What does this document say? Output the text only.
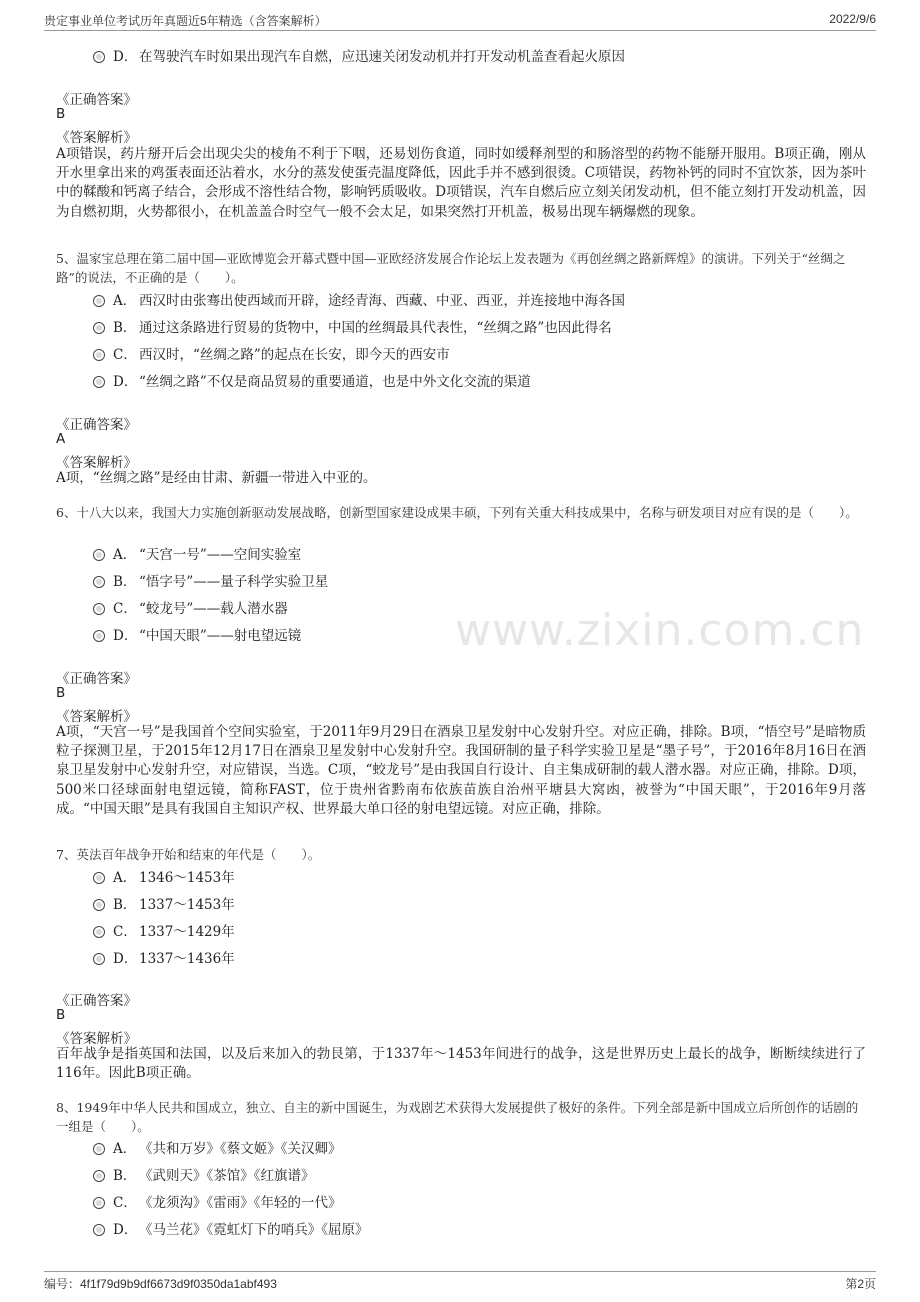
贵定事业单位考试历年真题近5年精选（含答案解析）	2022/9/6
www.zixin.com.cn
D． 在驾驶汽车时如果出现汽车自燃，应迅速关闭发动机并打开发动机盖查看起火原因
《正确答案》
B
《答案解析》
A项错误，药片掰开后会出现尖尖的棱角不利于下咽，还易划伤食道，同时如缓释剂型的和肠溶型的药物不能掰开服用。B项正确，刚从开水里拿出来的鸡蛋表面还沾着水，水分的蒸发使蛋壳温度降低，因此手并不感到很烫。C项错误，药物补钙的同时不宜饮茶，因为茶叶中的鞣酸和钙离子结合，会形成不溶性结合物，影响钙质吸收。D项错误，汽车自燃后应立刻关闭发动机，但不能立刻打开发动机盖，因为自燃初期，火势都很小，在机盖盖合时空气一般不会太足，如果突然打开机盖，极易出现车辆爆燃的现象。
5、温家宝总理在第二届中国—亚欧博览会开幕式暨中国—亚欧经济发展合作论坛上发表题为《再创丝绸之路新辉煌》的演讲。下列关于“丝绸之路”的说法，不正确的是（　　）。
A． 西汉时由张骞出使西域而开辟，途经青海、西藏、中亚、西亚，并连接地中海各国
B． 通过这条路进行贸易的货物中，中国的丝绸最具代表性，“丝绸之路”也因此得名
C． 西汉时，“丝绸之路”的起点在长安，即今天的西安市
D． “丝绸之路”不仅是商品贸易的重要通道，也是中外文化交流的渠道
《正确答案》
A
《答案解析》
A项，“丝绸之路”是经由甘肃、新疆一带进入中亚的。
6、十八大以来，我国大力实施创新驱动发展战略，创新型国家建设成果丰硕，下列有关重大科技成果中，名称与研发项目对应有误的是（　　）。
A． “天宫一号”——空间实验室
B． “悟字号”——量子科学实验卫星
C． “蛟龙号”——载人潜水器
D． “中国天眼”——射电望远镜
《正确答案》
B
《答案解析》
A项，“天宫一号”是我国首个空间实验室，于2011年9月29日在酒泉卫星发射中心发射升空。对应正确，排除。B项，“悟空号”是暗物质粒子探测卫星，于2015年12月17日在酒泉卫星发射中心发射升空。我国研制的量子科学实验卫星是“墨子号”，于2016年8月16日在酒泉卫星发射中心发射升空，对应错误，当选。C项，“蛟龙号”是由我国自行设计、自主集成研制的载人潜水器。对应正确，排除。D项，500米口径球面射电望远镜，简称FAST，位于贵州省黔南布依族苗族自治州平塘县大窝凼，被誉为“中国天眼”，于2016年9月落成。“中国天眼”是具有我国自主知识产权、世界最大单口径的射电望远镜。对应正确，排除。
7、英法百年战争开始和结束的年代是（　　）。
A． 1346～1453年
B． 1337～1453年
C． 1337～1429年
D． 1337～1436年
《正确答案》
B
《答案解析》
百年战争是指英国和法国，以及后来加入的勃艮第，于1337年～1453年间进行的战争，这是世界历史上最长的战争，断断续续进行了116年。因此B项正确。
8、1949年中华人民共和国成立，独立、自主的新中国诞生，为戏剧艺术获得大发展提供了极好的条件。下列全部是新中国成立后所创作的话剧的一组是（　　）。
A． 《共和万岁》《蔡文姬》《关汉卿》
B． 《武则天》《茶馆》《红旗谱》
C． 《龙须沟》《雷雨》《年轻的一代》
D． 《马兰花》《霓虹灯下的哨兵》《屈原》
编号：4f1f79d9b9df6673d9f0350da1abf493	第2页
